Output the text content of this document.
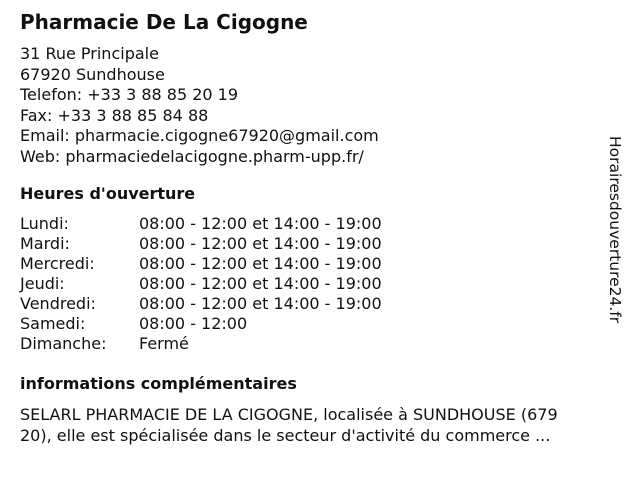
Pharmacie De La Cigogne
31 Rue Principale
67920 Sundhouse
Telefon: +33 3 88 85 20 19
Fax: +33 3 88 85 84 88
Email: pharmacie.cigogne67920@gmail.com
Web: pharmaciedelacigogne.pharm-upp.fr/
Heures d'ouverture
Lundi:	08:00 - 12:00 et 14:00 - 19:00
Mardi:	08:00 - 12:00 et 14:00 - 19:00
Mercredi:	08:00 - 12:00 et 14:00 - 19:00
Jeudi:	08:00 - 12:00 et 14:00 - 19:00
Vendredi:	08:00 - 12:00 et 14:00 - 19:00
Samedi:	08:00 - 12:00
Dimanche: Fermé
informations complémentaires
SELARL PHARMACIE DE LA CIGOGNE, localisée à SUNDHOUSE (679
20), elle est spécialisée dans le secteur d'activité du commerce ...
Horairesdouverture24.fr
